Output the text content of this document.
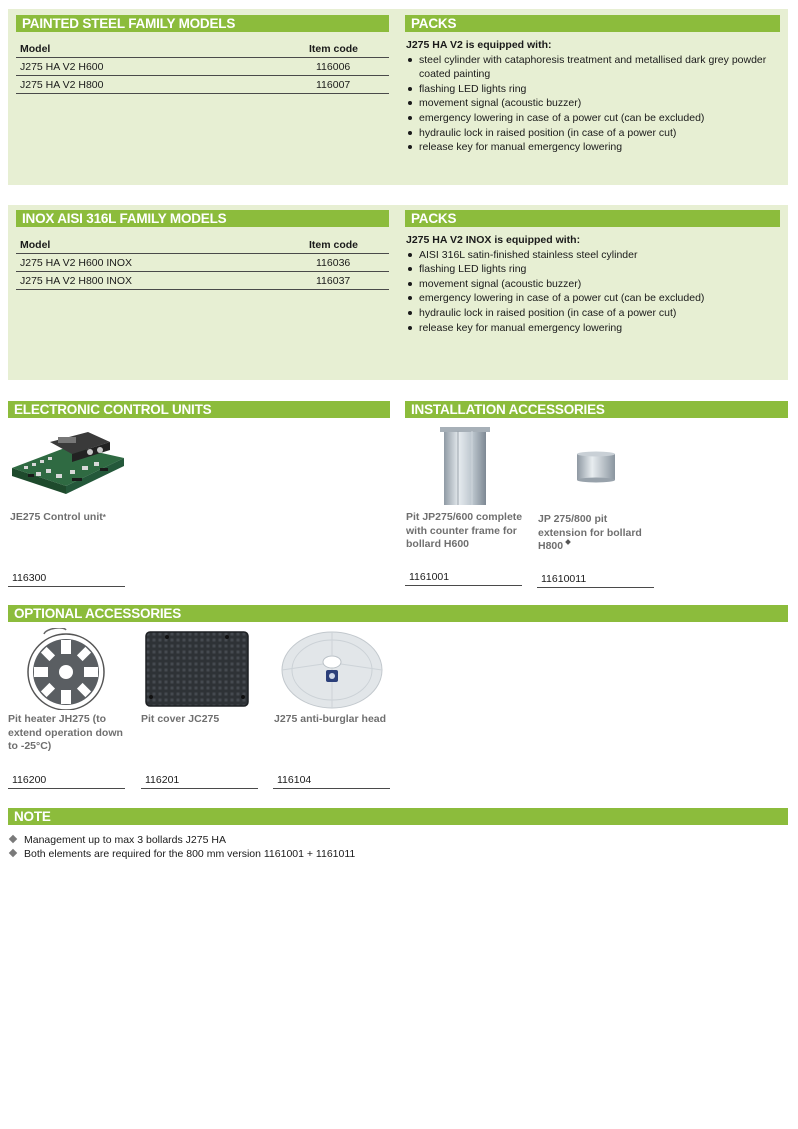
PAINTED STEEL FAMILY MODELS
Model	Item code
J275 HA V2 H600	116006
J275 HA V2 H800	116007
PACKS
J275 HA V2 is equipped with:
steel cylinder with cataphoresis treatment and metallised dark grey powder coated painting
flashing LED lights ring
movement signal (acoustic buzzer)
emergency lowering in case of a power cut (can be excluded)
hydraulic lock in raised position (in case of a power cut)
release key for manual emergency lowering
INOX AISI 316L FAMILY MODELS
Model	Item code
J275 HA V2 H600 INOX	116036
J275 HA V2 H800 INOX	116037
PACKS
J275 HA V2 INOX is equipped with:
AISI 316L satin-finished stainless steel cylinder
flashing LED lights ring
movement signal (acoustic buzzer)
emergency lowering in case of a power cut (can be excluded)
hydraulic lock in raised position (in case of a power cut)
release key for manual emergency lowering
ELECTRONIC CONTROL UNITS
JE275 Control unit*
116300
INSTALLATION ACCESSORIES
Pit JP275/600 complete with counter frame for bollard H600
JP 275/800 pit extension for bollard H800
1161001	11610011
OPTIONAL ACCESSORIES
Pit heater JH275 (to extend operation down to -25°C)
Pit cover JC275	J275 anti-burglar head
116200	116201	116104
NOTE
Management up to max 3 bollards J275 HA
Both elements are required for the 800 mm version 1161001 + 1161011
